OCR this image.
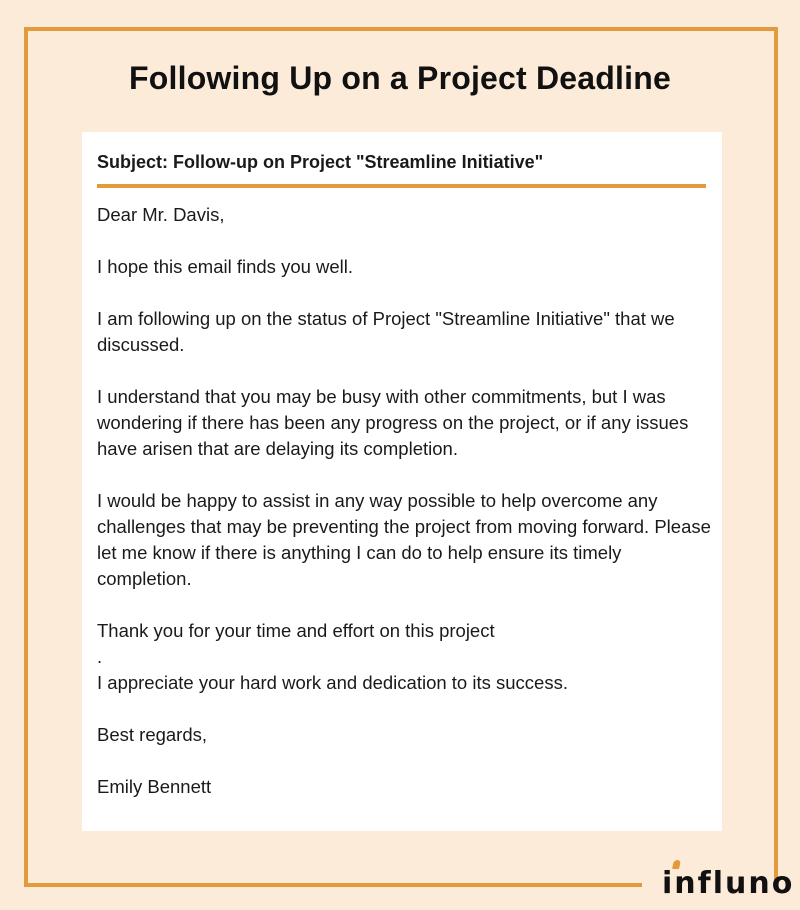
Following Up on a Project Deadline
Subject: Follow-up on Project "Streamline Initiative"

Dear Mr. Davis,

I hope this email finds you well.

I am following up on the status of Project "Streamline Initiative" that we discussed.

I understand that you may be busy with other commitments, but I was wondering if there has been any progress on the project, or if any issues have arisen that are delaying its completion.

I would be happy to assist in any way possible to help overcome any challenges that may be preventing the project from moving forward. Please let me know if there is anything I can do to help ensure its timely completion.

Thank you for your time and effort on this project
.
I appreciate your hard work and dedication to its success.

Best regards,

Emily Bennett

influno
